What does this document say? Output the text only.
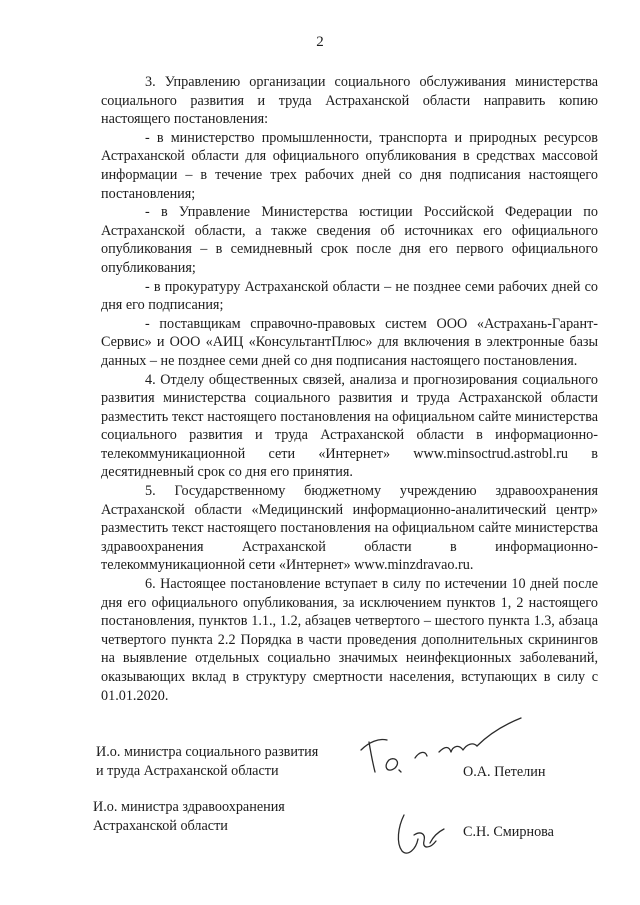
2

3. Управлению организации социального обслуживания министерства социального развития и труда Астраханской области направить копию настоящего постановления:

- в министерство промышленности, транспорта и природных ресурсов Астраханской области для официального опубликования в средствах массовой информации – в течение трех рабочих дней со дня подписания настоящего постановления;

- в Управление Министерства юстиции Российской Федерации по Астраханской области, а также сведения об источниках его официального опубликования – в семидневный срок после дня его первого официального опубликования;

- в прокуратуру Астраханской области – не позднее семи рабочих дней со дня его подписания;

- поставщикам справочно-правовых систем ООО «Астрахань-Гарант-Сервис» и ООО «АИЦ «КонсультантПлюс» для включения в электронные базы данных – не позднее семи дней со дня подписания настоящего постановления.

4. Отделу общественных связей, анализа и прогнозирования социального развития министерства социального развития и труда Астраханской области разместить текст настоящего постановления на официальном сайте министерства социального развития и труда Астраханской области в информационно-телекоммуникационной сети «Интернет» www.minsoctrud.astrobl.ru в десятидневный срок со дня его принятия.

5. Государственному бюджетному учреждению здравоохранения Астраханской области «Медицинский информационно-аналитический центр» разместить текст настоящего постановления на официальном сайте министерства здравоохранения Астраханской области в информационно-телекоммуникационной сети «Интернет» www.minzdravao.ru.

6. Настоящее постановление вступает в силу по истечении 10 дней после дня его официального опубликования, за исключением пунктов 1, 2 настоящего постановления, пунктов 1.1., 1.2, абзацев четвертого – шестого пункта 1.3, абзаца четвертого пункта 2.2 Порядка в части проведения дополнительных скринингов на выявление отдельных социально значимых неинфекционных заболеваний, оказывающих вклад в структуру смертности населения, вступающих в силу с 01.01.2020.

И.о. министра социального развития
и труда Астраханской области	О.А. Петелин
И.о. министра здравоохранения
Астраханской области	С.Н. Смирнова
